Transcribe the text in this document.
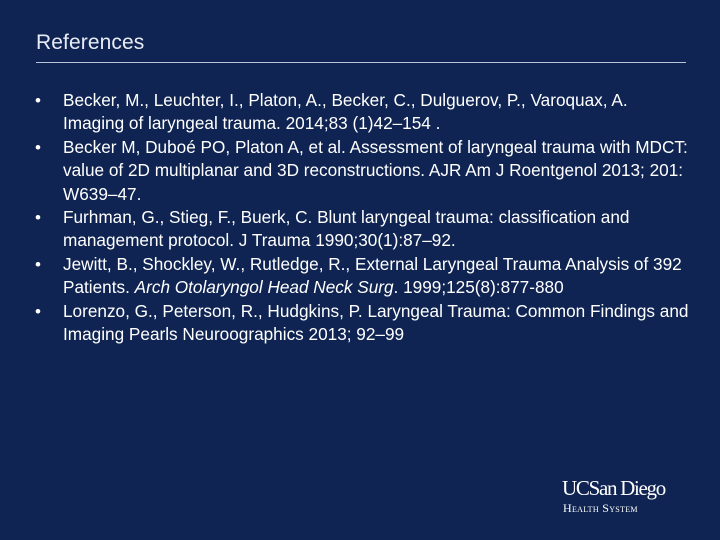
References
•	Becker, M., Leuchter, I., Platon, A., Becker, C., Dulguerov, P., Varoquax, A. Imaging of laryngeal trauma. 2014;83 (1)42–154 .
•	Becker M, Duboé PO, Platon A, et al. Assessment of laryngeal trauma with MDCT: value of 2D multiplanar and 3D reconstructions. AJR Am J Roentgenol 2013; 201: W639–47.
•	Furhman, G., Stieg, F., Buerk, C. Blunt laryngeal trauma: classification and management protocol. J Trauma 1990;30(1):87–92.
•	Jewitt, B., Shockley, W., Rutledge, R., External Laryngeal Trauma Analysis of 392 Patients. Arch Otolaryngol Head Neck Surg. 1999;125(8):877-880
•	Lorenzo, G., Peterson, R., Hudgkins, P. Laryngeal Trauma: Common Findings and Imaging Pearls Neuroographics 2013; 92–99
UCSan Diego
Health System
